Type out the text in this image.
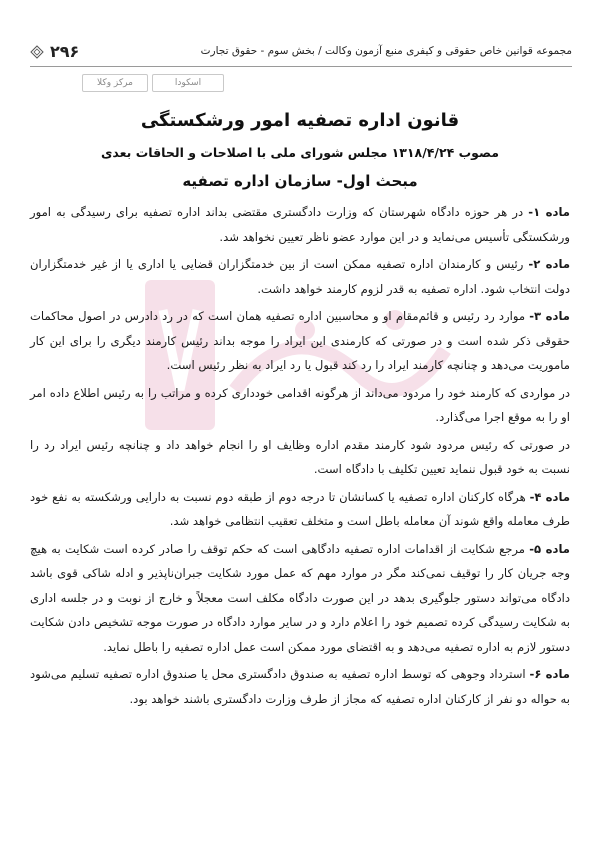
مجموعه قوانین خاص حقوقی و کیفری منبع آزمون وکالت / بخش سوم - حقوق تجارت
۲۹۶
مرکز وکلا	اسکودا
قانون اداره تصفیه امور ورشکستگی
مصوب ۱۳۱۸/۴/۲۴ مجلس شورای ملی با اصلاحات و الحاقات بعدی
مبحث اول- سازمان اداره تصفیه

ماده ۱- در هر حوزه دادگاه شهرستان که وزارت دادگستری مقتضی بداند اداره تصفیه برای رسیدگی به امور ورشکستگی تأسیس می‌نماید و در این موارد عضو ناظر تعیین نخواهد شد.

ماده ۲- رئیس و کارمندان اداره تصفیه ممکن است از بین خدمتگزاران قضایی یا اداری یا از غیر خدمتگزاران دولت انتخاب شود. اداره تصفیه به قدر لزوم کارمند خواهد داشت.

ماده ۳- موارد رد رئیس و قائم‌مقام او و محاسبین اداره تصفیه همان است که در رد دادرس در اصول محاکمات حقوقی ذکر شده است و در صورتی که کارمندی این ایراد را موجه بداند رئیس کارمند دیگری را برای این کار ماموریت می‌دهد و چنانچه کارمند ایراد را رد کند قبول یا رد ایراد به نظر رئیس است.

در مواردی که کارمند خود را مردود می‌داند از هرگونه اقدامی خودداری کرده و مراتب را به رئیس اطلاع داده امر او را به موقع اجرا می‌گذارد.

در صورتی که رئیس مردود شود کارمند مقدم اداره وظایف او را انجام خواهد داد و چنانچه رئیس ایراد رد را نسبت به خود قبول ننماید تعیین تکلیف با دادگاه است.

ماده ۴- هرگاه کارکنان اداره تصفیه یا کسانشان تا درجه دوم از طبقه دوم نسبت به دارایی ورشکسته به نفع خود طرف معامله واقع شوند آن معامله باطل است و متخلف تعقیب انتظامی خواهد شد.

ماده ۵- مرجع شکایت از اقدامات اداره تصفیه دادگاهی است که حکم توقف را صادر کرده است شکایت به هیچ وجه جریان کار را توقیف نمی‌کند مگر در موارد مهم که عمل مورد شکایت جبران‌ناپذیر و ادله شاکی قوی باشد دادگاه می‌تواند دستور جلوگیری بدهد در این صورت دادگاه مکلف است معجلاً و خارج از نوبت و در جلسه اداری به شکایت رسیدگی کرده تصمیم خود را اعلام دارد و در سایر موارد دادگاه در صورت موجه تشخیص دادن شکایت دستور لازم به اداره تصفیه می‌دهد و به اقتضای مورد ممکن است عمل اداره تصفیه را باطل نماید.

ماده ۶- استرداد وجوهی که توسط اداره تصفیه به صندوق دادگستری محل یا صندوق اداره تصفیه تسلیم می‌شود به حواله دو نفر از کارکنان اداره تصفیه که مجاز از طرف وزارت دادگستری باشند خواهد بود.
